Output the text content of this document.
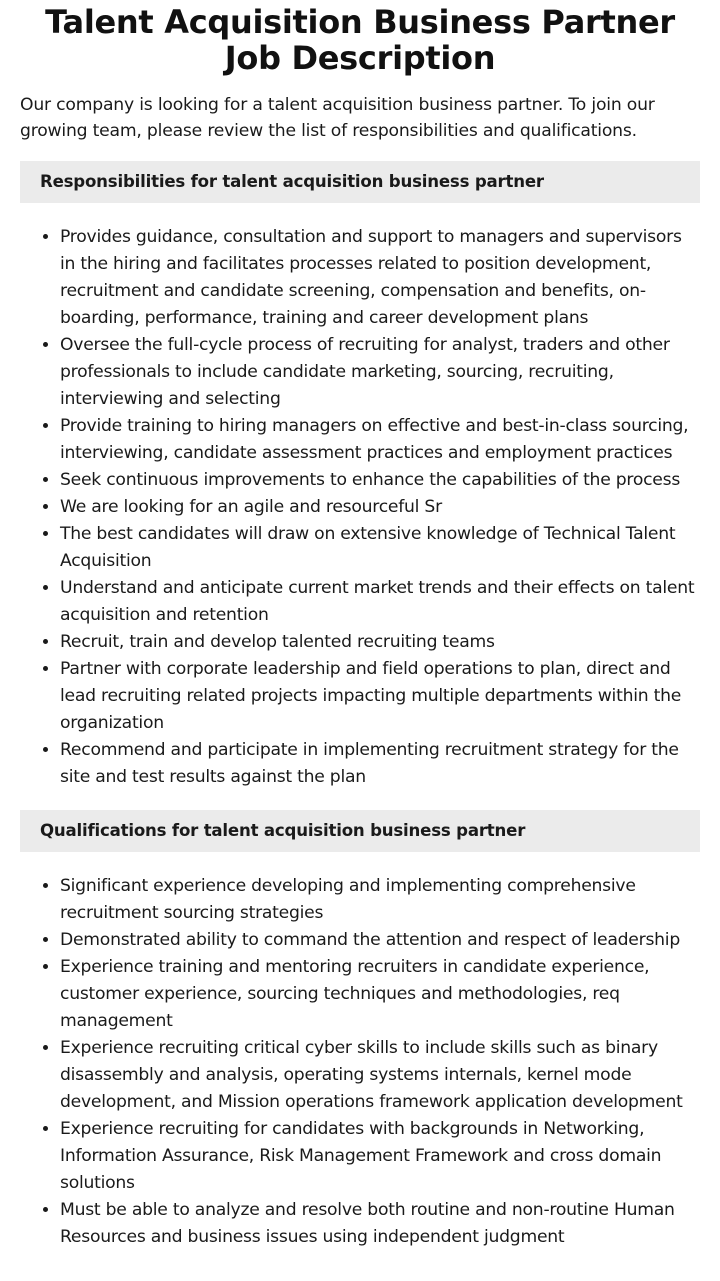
Talent Acquisition Business Partner Job Description

Our company is looking for a talent acquisition business partner. To join our growing team, please review the list of responsibilities and qualifications.

Responsibilities for talent acquisition business partner
• Provides guidance, consultation and support to managers and supervisors in the hiring and facilitates processes related to position development, recruitment and candidate screening, compensation and benefits, on-boarding, performance, training and career development plans
• Oversee the full-cycle process of recruiting for analyst, traders and other professionals to include candidate marketing, sourcing, recruiting, interviewing and selecting
• Provide training to hiring managers on effective and best-in-class sourcing, interviewing, candidate assessment practices and employment practices
• Seek continuous improvements to enhance the capabilities of the process
• We are looking for an agile and resourceful Sr
• The best candidates will draw on extensive knowledge of Technical Talent Acquisition
• Understand and anticipate current market trends and their effects on talent acquisition and retention
• Recruit, train and develop talented recruiting teams
• Partner with corporate leadership and field operations to plan, direct and lead recruiting related projects impacting multiple departments within the organization
• Recommend and participate in implementing recruitment strategy for the site and test results against the plan
Qualifications for talent acquisition business partner
• Significant experience developing and implementing comprehensive recruitment sourcing strategies
• Demonstrated ability to command the attention and respect of leadership
• Experience training and mentoring recruiters in candidate experience, customer experience, sourcing techniques and methodologies, req management
• Experience recruiting critical cyber skills to include skills such as binary disassembly and analysis, operating systems internals, kernel mode development, and Mission operations framework application development
• Experience recruiting for candidates with backgrounds in Networking, Information Assurance, Risk Management Framework and cross domain solutions
• Must be able to analyze and resolve both routine and non-routine Human Resources and business issues using independent judgment
